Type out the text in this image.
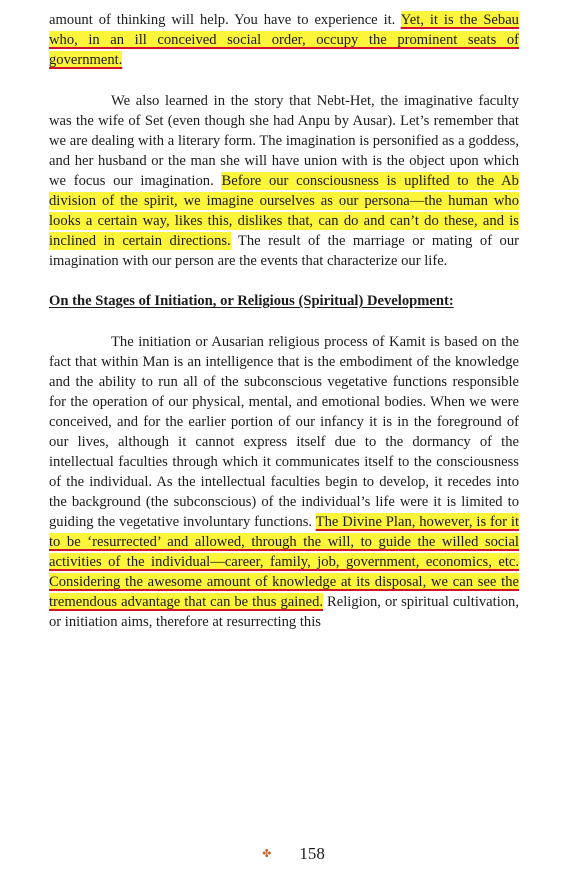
amount of thinking will help. You have to experience it. Yet, it is the Sebau who, in an ill conceived social order, occupy the prominent seats of government.

We also learned in the story that Nebt-Het, the imaginative faculty was the wife of Set (even though she had Anpu by Ausar). Let’s remember that we are dealing with a literary form. The imagination is personified as a goddess, and her husband or the man she will have union with is the object upon which we focus our imagination. Before our consciousness is uplifted to the Ab division of the spirit, we imagine ourselves as our persona—the human who looks a certain way, likes this, dislikes that, can do and can’t do these, and is inclined in certain directions. The result of the marriage or mating of our imagination with our person are the events that characterize our life.

On the Stages of Initiation, or Religious (Spiritual) Development:

The initiation or Ausarian religious process of Kamit is based on the fact that within Man is an intelligence that is the embodiment of the knowledge and the ability to run all of the subconscious vegetative functions responsible for the operation of our physical, mental, and emotional bodies. When we were conceived, and for the earlier portion of our infancy it is in the foreground of our lives, although it cannot express itself due to the dormancy of the intellectual faculties through which it communicates itself to the consciousness of the individual. As the intellectual faculties begin to develop, it recedes into the background (the subconscious) of the individual’s life were it is limited to guiding the vegetative involuntary functions. The Divine Plan, however, is for it to be ‘resurrected’ and allowed, through the will, to guide the willed social activities of the individual—career, family, job, government, economics, etc. Considering the awesome amount of knowledge at its disposal, we can see the tremendous advantage that can be thus gained. Religion, or spiritual cultivation, or initiation aims, therefore at resurrecting this

✤ 158
